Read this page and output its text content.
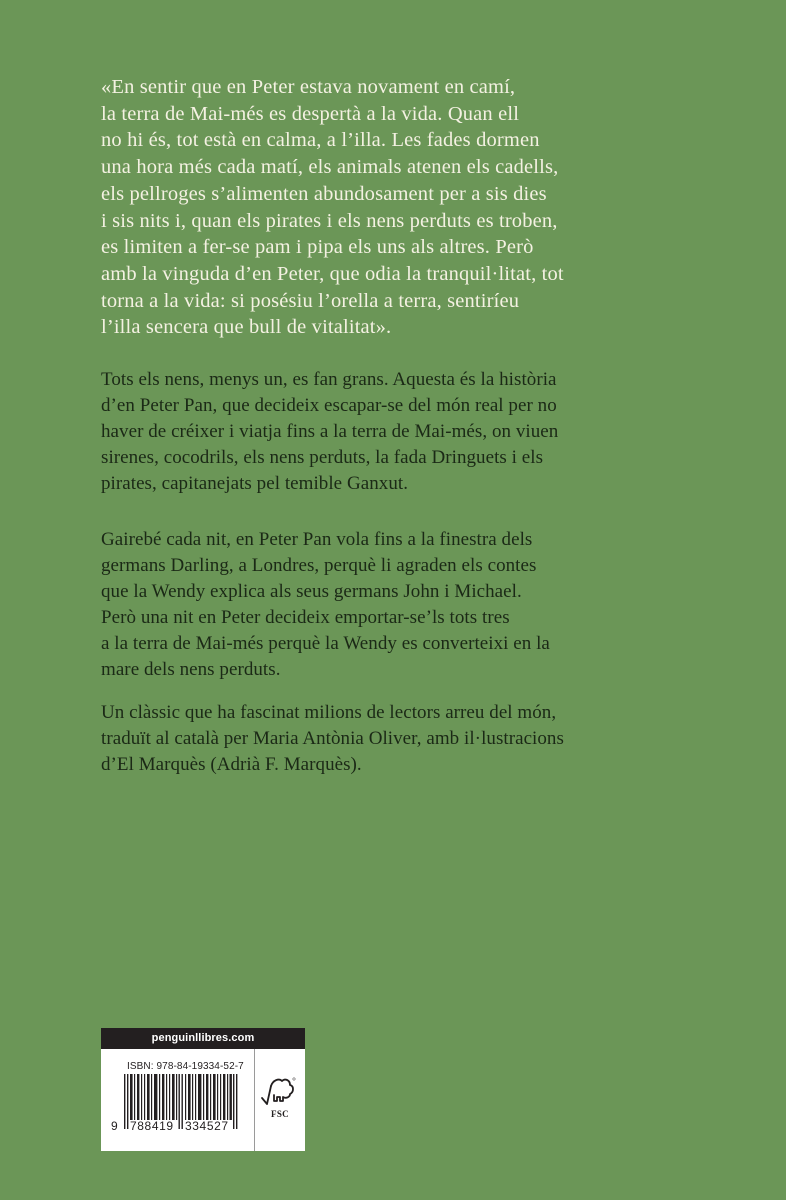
«En sentir que en Peter estava novament en camí,
la terra de Mai-més es despertà a la vida. Quan ell
no hi és, tot està en calma, a l’illa. Les fades dormen
una hora més cada matí, els animals atenen els cadells,
els pellroges s’alimenten abundosament per a sis dies
i sis nits i, quan els pirates i els nens perduts es troben,
es limiten a fer-se pam i pipa els uns als altres. Però
amb la vinguda d’en Peter, que odia la tranquil·litat, tot
torna a la vida: si posésiu l’orella a terra, sentiríeu
l’illa sencera que bull de vitalitat».
Tots els nens, menys un, es fan grans. Aquesta és la història
d’en Peter Pan, que decideix escapar-se del món real per no
haver de créixer i viatja fins a la terra de Mai-més, on viuen
sirenes, cocodrils, els nens perduts, la fada Dringuets i els
pirates, capitanejats pel temible Ganxut.
Gairebé cada nit, en Peter Pan vola fins a la finestra dels
germans Darling, a Londres, perquè li agraden els contes
que la Wendy explica als seus germans John i Michael.
Però una nit en Peter decideix emportar-se’ls tots tres
a la terra de Mai-més perquè la Wendy es converteixi en la
mare dels nens perduts.
Un clàssic que ha fascinat milions de lectors arreu del món,
traduït al català per Maria Antònia Oliver, amb il·lustracions
d’El Marquès (Adrià F. Marquès).
penguinllibres.com
ISBN: 978-84-19334-52-7
9 788419 334527
FSC
